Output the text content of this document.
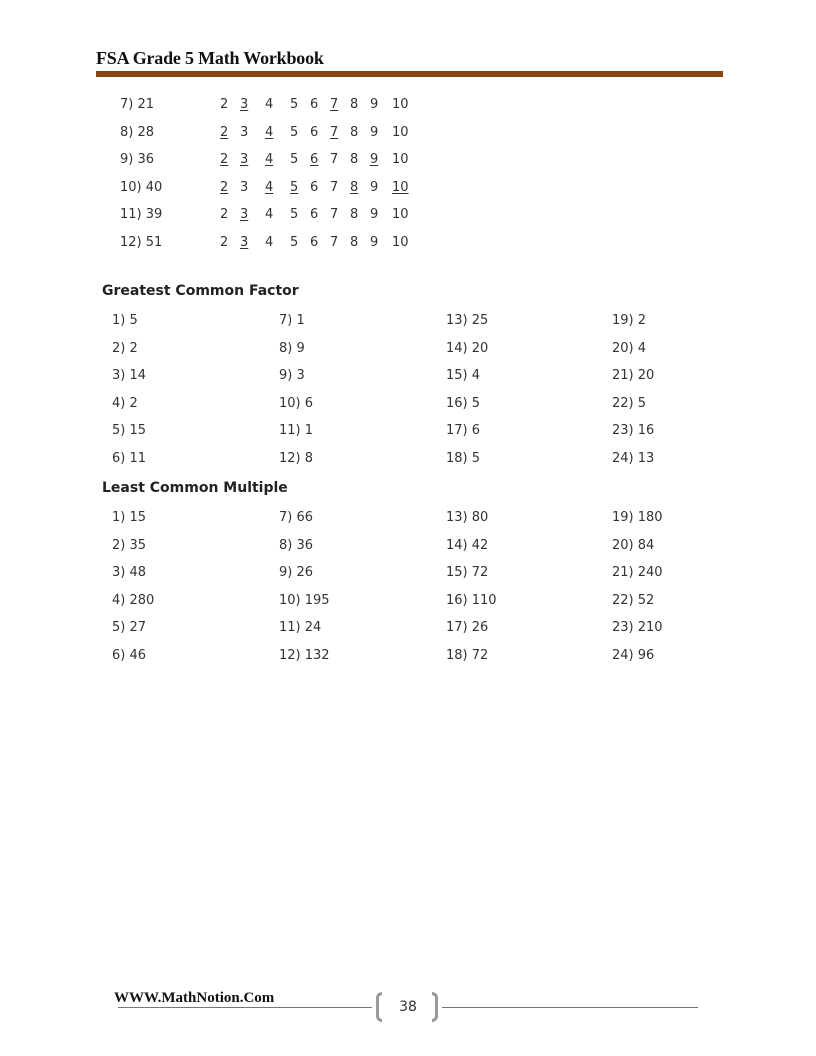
FSA Grade 5 Math Workbook
7) 21	2 3 4 5 6 7 8 9 10
8) 28	2 3 4 5 6 7 8 9 10
9) 36	2 3 4 5 6 7 8 9 10
10) 40	2 3 4 5 6 7 8 9 10
11) 39	2 3 4 5 6 7 8 9 10
12) 51	2 3 4 5 6 7 8 9 10
Greatest Common Factor
1) 5
2) 2
3) 14
4) 2
5) 15
6) 11
7) 1
8) 9
9) 3
10) 6
11) 1
12) 8
13) 25
14) 20
15) 4
16) 5
17) 6
18) 5
19) 2
20) 4
21) 20
22) 5
23) 16
24) 13
Least Common Multiple
1) 15
2) 35
3) 48
4) 280
5) 27
6) 46
7) 66
8) 36
9) 26
10) 195
11) 24
12) 132
13) 80
14) 42
15) 72
16) 110
17) 26
18) 72
19) 180
20) 84
21) 240
22) 52
23) 210
24) 96
WWW.MathNotion.Com
38
